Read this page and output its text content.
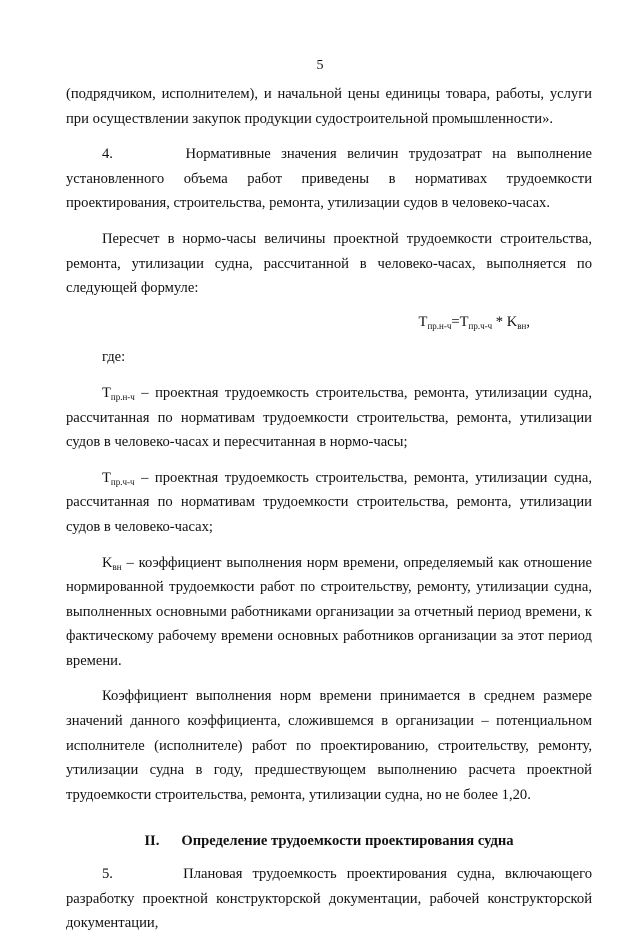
5

(подрядчиком, исполнителем), и начальной цены единицы товара, работы, услуги при осуществлении закупок продукции судостроительной промышленности».

4.	Нормативные значения величин трудозатрат на выполнение установленного объема работ приведены в нормативах трудоемкости проектирования, строительства, ремонта, утилизации судов в человеко-часах.

Пересчет в нормо-часы величины проектной трудоемкости строительства, ремонта, утилизации судна, рассчитанной в человеко-часах, выполняется по следующей формуле:

$T_{пр.н-ч}=T_{пр.ч-ч} * K_{вн}$,

где:

$T_{пр.н-ч}$ – проектная трудоемкость строительства, ремонта, утилизации судна, рассчитанная по нормативам трудоемкости строительства, ремонта, утилизации судов в человеко-часах и пересчитанная в нормо-часы;

$T_{пр.ч-ч}$ – проектная трудоемкость строительства, ремонта, утилизации судна, рассчитанная по нормативам трудоемкости строительства, ремонта, утилизации судов в человеко-часах;

$K_{вн}$ – коэффициент выполнения норм времени, определяемый как отношение нормированной трудоемкости работ по строительству, ремонту, утилизации судна, выполненных основными работниками организации за отчетный период времени, к фактическому рабочему времени основных работников организации за этот период времени.

Коэффициент выполнения норм времени принимается в среднем размере значений данного коэффициента, сложившемся в организации – потенциальном исполнителе (исполнителе) работ по проектированию, строительству, ремонту, утилизации судна в году, предшествующем выполнению расчета проектной трудоемкости строительства, ремонта, утилизации судна, но не более 1,20.

II. Определение трудоемкости проектирования судна

5.	Плановая трудоемкость проектирования судна, включающего разработку проектной конструкторской документации, рабочей конструкторской документации,
